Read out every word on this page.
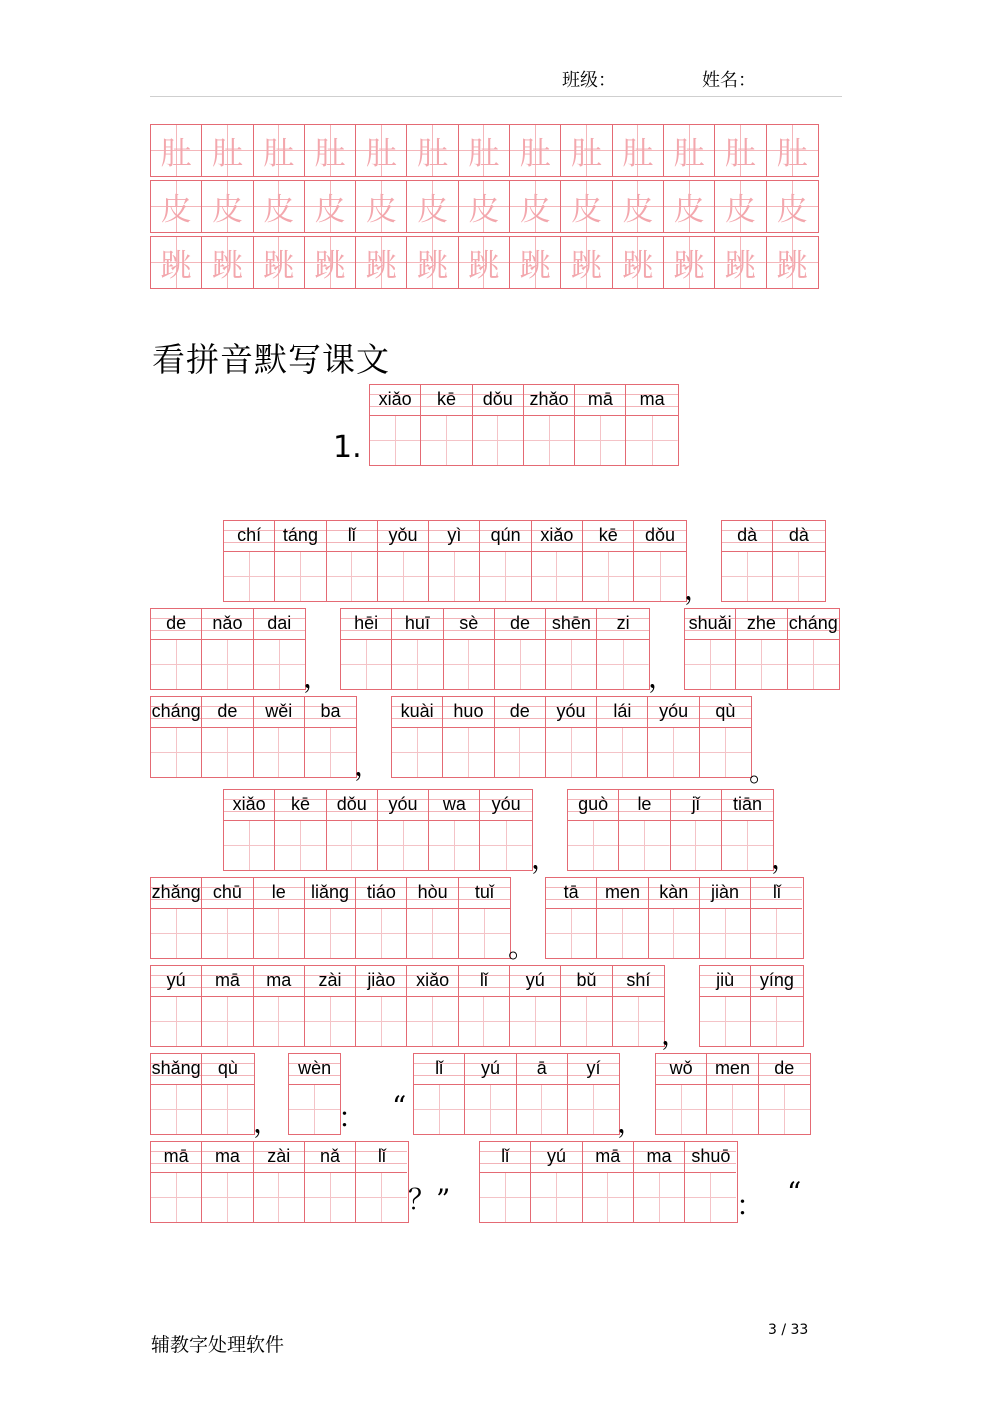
班级：	姓名：
肚 肚 肚 肚 肚 肚 肚 肚 肚 肚 肚 肚 肚
皮 皮 皮 皮 皮 皮 皮 皮 皮 皮 皮 皮 皮
跳 跳 跳 跳 跳 跳 跳 跳 跳 跳 跳 跳 跳
看拼音默写课文
1.
xiǎo	kē	dǒu zhǎo	mā	ma
chí	táng	lǐ	yǒu	yì	qún	xiǎo	kē	dǒu
，
dà	dà
de	nǎo	dai
，
hēi	huī	sè	de	shēn	zi
，
shuǎi zhe cháng
cháng de	wěi	ba
，
kuài	huo	de	yóu	lái	yóu	qù
。
xiǎo	kē	dǒu	yóu	wa	yóu
，
guò	le	jǐ	tiān
，
zhǎng chū	le	liǎng tiáo	hòu	tuǐ
。
tā	men	kàn	jiàn	lǐ
yú	mā	ma	zài	jiào	xiǎo	lǐ	yú	bǔ	shí
，
jiù	yíng
shǎng qù
，
wèn
：
lǐ	yú	ā	yí
，
wǒ	men	de
“
mā	ma	zài	nǎ	lǐ
？”
lǐ	yú	mā	ma	shuō
： “
辅教字处理软件
3 / 33
